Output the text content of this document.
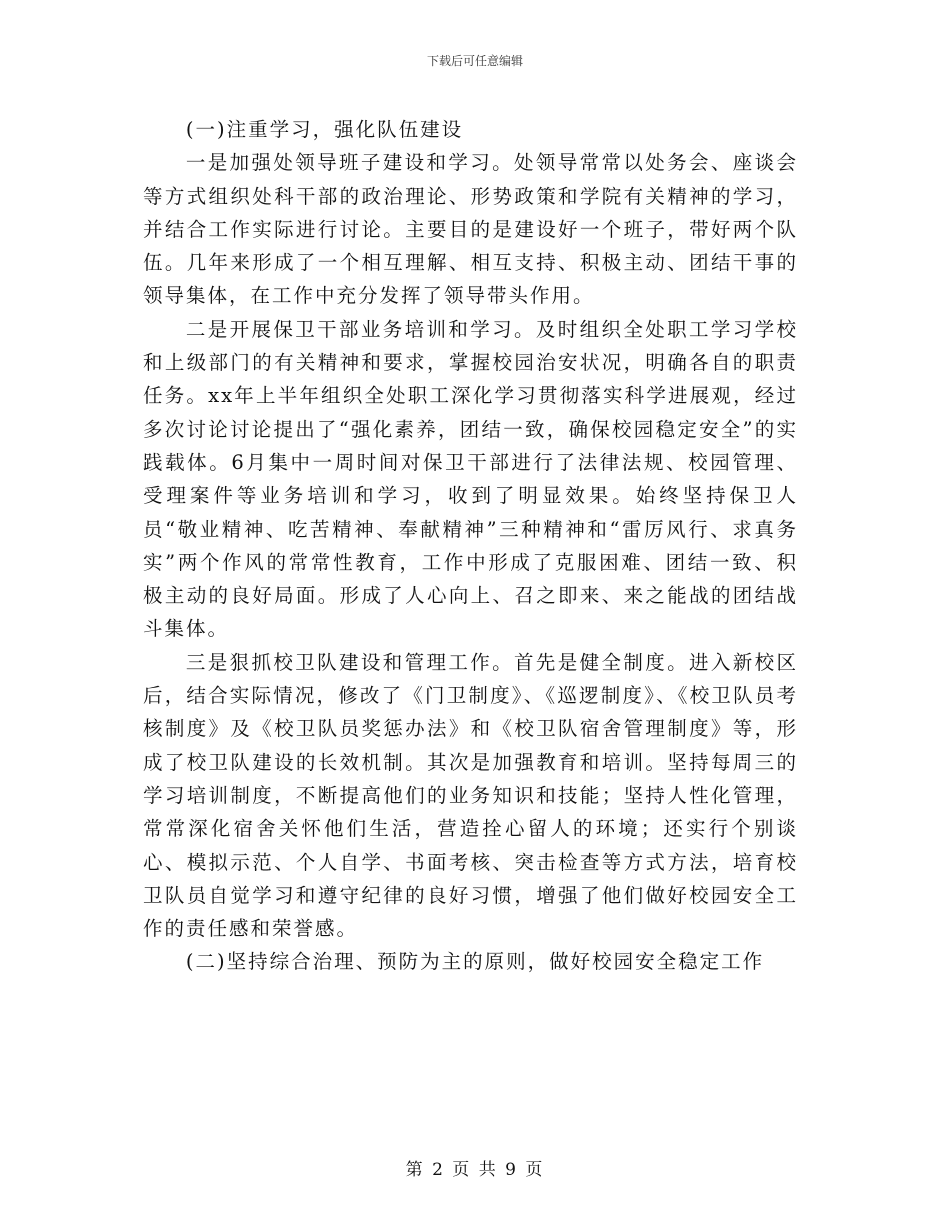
下载后可任意编辑

(一)注重学习，强化队伍建设

一是加强处领导班子建设和学习。处领导常常以处务会、座谈会等方式组织处科干部的政治理论、形势政策和学院有关精神的学习，并结合工作实际进行讨论。主要目的是建设好一个班子，带好两个队伍。几年来形成了一个相互理解、相互支持、积极主动、团结干事的领导集体，在工作中充分发挥了领导带头作用。

二是开展保卫干部业务培训和学习。及时组织全处职工学习学校和上级部门的有关精神和要求，掌握校园治安状况，明确各自的职责任务。xx年上半年组织全处职工深化学习贯彻落实科学进展观，经过多次讨论讨论提出了“强化素养，团结一致，确保校园稳定安全”的实践载体。6月集中一周时间对保卫干部进行了法律法规、校园管理、受理案件等业务培训和学习，收到了明显效果。始终坚持保卫人员“敬业精神、吃苦精神、奉献精神”三种精神和“雷厉风行、求真务实”两个作风的常常性教育，工作中形成了克服困难、团结一致、积极主动的良好局面。形成了人心向上、召之即来、来之能战的团结战斗集体。

三是狠抓校卫队建设和管理工作。首先是健全制度。进入新校区后，结合实际情况，修改了《门卫制度》、《巡逻制度》、《校卫队员考核制度》及《校卫队员奖惩办法》和《校卫队宿舍管理制度》等，形成了校卫队建设的长效机制。其次是加强教育和培训。坚持每周三的学习培训制度，不断提高他们的业务知识和技能；坚持人性化管理，常常深化宿舍关怀他们生活，营造拴心留人的环境；还实行个别谈心、模拟示范、个人自学、书面考核、突击检查等方式方法，培育校卫队员自觉学习和遵守纪律的良好习惯，增强了他们做好校园安全工作的责任感和荣誉感。

(二)坚持综合治理、预防为主的原则，做好校园安全稳定工作

第 2 页 共 9 页
